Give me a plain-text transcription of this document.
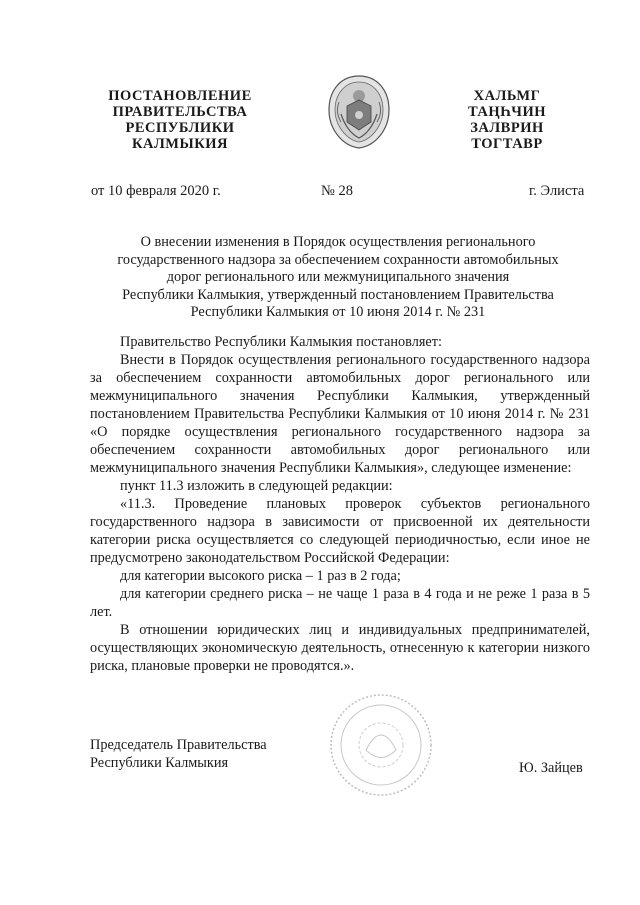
ПОСТАНОВЛЕНИЕ
ПРАВИТЕЛЬСТВА
РЕСПУБЛИКИ
КАЛМЫКИЯ
ХАЛЬМГ
ТАҢҺЧИН
ЗАЛВРИН
ТОГТАВР
от 10 февраля 2020 г.	№ 28	г. Элиста
О внесении изменения в Порядок осуществления регионального
государственного надзора за обеспечением сохранности автомобильных
дорог регионального или межмуниципального значения
Республики Калмыкия, утвержденный постановлением Правительства
Республики Калмыкия от 10 июня 2014 г. № 231

Правительство Республики Калмыкия постановляет:

Внести в Порядок осуществления регионального государственного надзора за обеспечением сохранности автомобильных дорог регионального или межмуниципального значения Республики Калмыкия, утвержденный постановлением Правительства Республики Калмыкия от 10 июня 2014 г. № 231 «О порядке осуществления регионального государственного надзора за обеспечением сохранности автомобильных дорог регионального или межмуниципального значения Республики Калмыкия», следующее изменение:

пункт 11.3 изложить в следующей редакции:

«11.3. Проведение плановых проверок субъектов регионального государственного надзора в зависимости от присвоенной их деятельности категории риска осуществляется со следующей периодичностью, если иное не предусмотрено законодательством Российской Федерации:

для категории высокого риска – 1 раз в 2 года;

для категории среднего риска – не чаще 1 раза в 4 года и не реже 1 раза в 5 лет.

В отношении юридических лиц и индивидуальных предпринимателей, осуществляющих экономическую деятельность, отнесенную к категории низкого риска, плановые проверки не проводятся.».

Председатель Правительства
Республики Калмыкия	Ю. Зайцев
